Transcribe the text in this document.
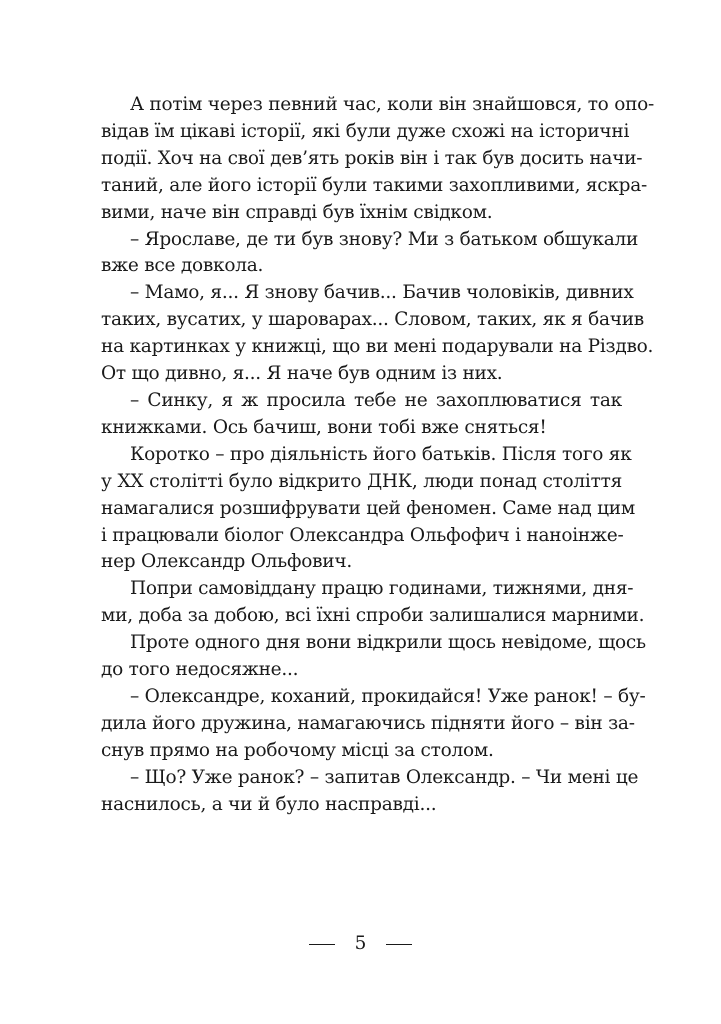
А потім через певний час, коли він знайшовся, то опо-
відав їм цікаві історії, які були дуже схожі на історичні
події. Хоч на свої дев’ять років він і так був досить начи-
таний, але його історії були такими захопливими, яскра-
вими, наче він справді був їхнім свідком.
– Ярославе, де ти був знову? Ми з батьком обшукали
вже все довкола.
– Мамо, я... Я знову бачив... Бачив чоловіків, дивних
таких, вусатих, у шароварах... Словом, таких, як я бачив
на картинках у книжці, що ви мені подарували на Різдво.
От що дивно, я... Я наче був одним із них.
– Синку, я ж просила тебе не захоплюватися так
книжками. Ось бачиш, вони тобі вже сняться!
Коротко – про діяльність його батьків. Після того як
у ХХ столітті було відкрито ДНК, люди понад століття
намагалися розшифрувати цей феномен. Саме над цим
і працювали біолог Олександра Ольфофич і наноінже-
нер Олександр Ольфович.
Попри самовіддану працю годинами, тижнями, дня-
ми, доба за добою, всі їхні спроби залишалися марними.
Проте одного дня вони відкрили щось невідоме, щось
до того недосяжне...
– Олександре, коханий, прокидайся! Уже ранок! – бу-
дила його дружина, намагаючись підняти його – він за-
снув прямо на робочому місці за столом.
– Що? Уже ранок? – запитав Олександр. – Чи мені це
наснилось, а чи й було насправді...
5
